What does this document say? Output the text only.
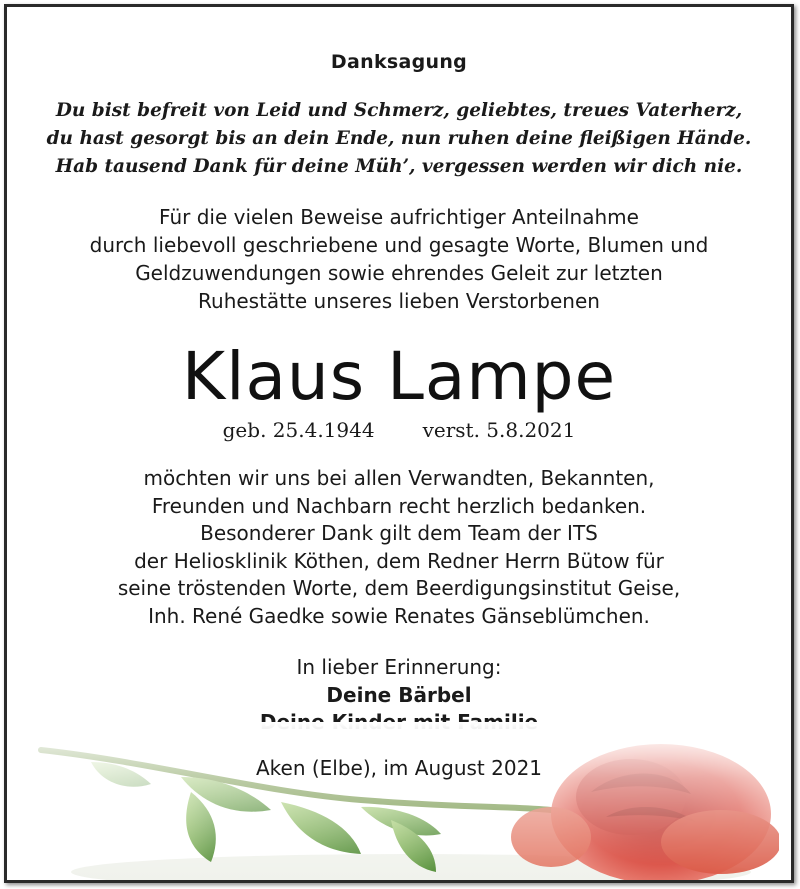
Danksagung
Du bist befreit von Leid und Schmerz, geliebtes, treues Vaterherz,
du hast gesorgt bis an dein Ende, nun ruhen deine fleißigen Hände.
Hab tausend Dank für deine Müh’, vergessen werden wir dich nie.
Für die vielen Beweise aufrichtiger Anteilnahme
durch liebevoll geschriebene und gesagte Worte, Blumen und
Geldzuwendungen sowie ehrendes Geleit zur letzten
Ruhestätte unseres lieben Verstorbenen
Klaus Lampe
geb. 25.4.1944 verst. 5.8.2021
möchten wir uns bei allen Verwandten, Bekannten,
Freunden und Nachbarn recht herzlich bedanken.
Besonderer Dank gilt dem Team der ITS
der Heliosklinik Köthen, dem Redner Herrn Bütow für
seine tröstenden Worte, dem Beerdigungsinstitut Geise,
Inh. René Gaedke sowie Renates Gänseblümchen.
In lieber Erinnerung:
Deine Bärbel
Aken (Elbe), im August 2021
